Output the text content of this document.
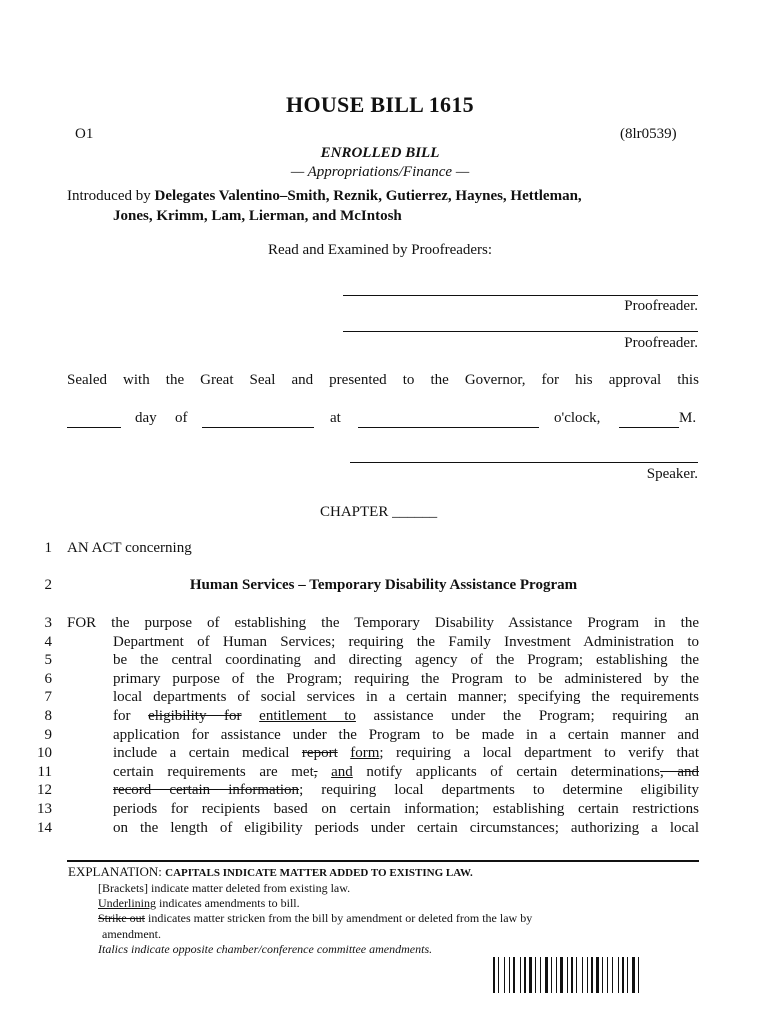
HOUSE BILL 1615
O1	(8lr0539)
ENROLLED BILL
— Appropriations/Finance —
Introduced by Delegates Valentino–Smith, Reznik, Gutierrez, Haynes, Hettleman,
Jones, Krimm, Lam, Lierman, and McIntosh
Read and Examined by Proofreaders:
Proofreader.
Proofreader.
Sealed with the Great Seal and presented to the Governor, for his approval this
day of	at	o'clock,	M.
Speaker.
CHAPTER ______
1 AN ACT concerning
2	Human Services – Temporary Disability Assistance Program
3 FOR the purpose of establishing the Temporary Disability Assistance Program in the
4	Department of Human Services; requiring the Family Investment Administration to
5	be the central coordinating and directing agency of the Program; establishing the
6	primary purpose of the Program; requiring the Program to be administered by the
7	local departments of social services in a certain manner; specifying the requirements
8	for eligibility for entitlement to assistance under the Program; requiring an
9	application for assistance under the Program to be made in a certain manner and
10	include a certain medical report form; requiring a local department to verify that
11	certain requirements are met, and notify applicants of certain determinations, and
12	record certain information; requiring local departments to determine eligibility
13	periods for recipients based on certain information; establishing certain restrictions
14	on the length of eligibility periods under certain circumstances; authorizing a local
EXPLANATION: CAPITALS INDICATE MATTER ADDED TO EXISTING LAW.
[Brackets] indicate matter deleted from existing law.
Underlining indicates amendments to bill.
Strike out indicates matter stricken from the bill by amendment or deleted from the law by
amendment.
Italics indicate opposite chamber/conference committee amendments.
